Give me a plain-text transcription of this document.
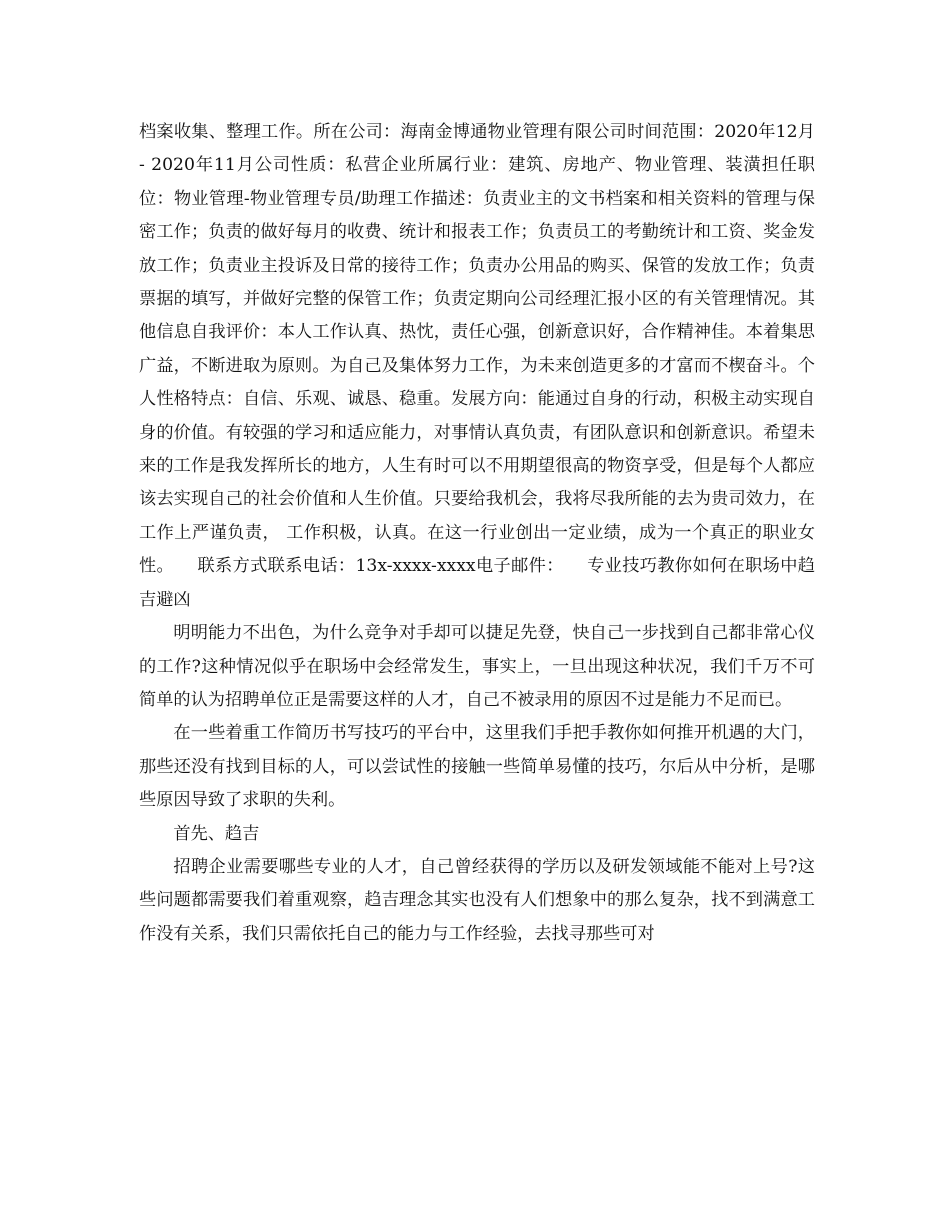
档案收集、整理工作。所在公司：海南金博通物业管理有限公司时间范围：2020年12月 - 2020年11月公司性质：私营企业所属行业：建筑、房地产、物业管理、装潢担任职位：物业管理-物业管理专员/助理工作描述：负责业主的文书档案和相关资料的管理与保密工作；负责的做好每月的收费、统计和报表工作；负责员工的考勤统计和工资、奖金发放工作；负责业主投诉及日常的接待工作；负责办公用品的购买、保管的发放工作；负责票据的填写，并做好完整的保管工作；负责定期向公司经理汇报小区的有关管理情况。其他信息自我评价：本人工作认真、热忱，责任心强，创新意识好，合作精神佳。本着集思广益，不断进取为原则。为自己及集体努力工作，为未来创造更多的才富而不楔奋斗。个人性格特点：自信、乐观、诚恳、稳重。发展方向：能通过自身的行动，积极主动实现自身的价值。有较强的学习和适应能力，对事情认真负责，有团队意识和创新意识。希望未来的工作是我发挥所长的地方，人生有时可以不用期望很高的物资享受，但是每个人都应该去实现自己的社会价值和人生价值。只要给我机会，我将尽我所能的去为贵司效力，在工作上严谨负责， 工作积极，认真。在这一行业创出一定业绩，成为一个真正的职业女性。    联系方式联系电话：13x-xxxx-xxxx电子邮件：    专业技巧教你如何在职场中趋吉避凶

明明能力不出色，为什么竞争对手却可以捷足先登，快自己一步找到自己都非常心仪的工作?这种情况似乎在职场中会经常发生，事实上，一旦出现这种状况，我们千万不可简单的认为招聘单位正是需要这样的人才，自己不被录用的原因不过是能力不足而已。

在一些着重工作简历书写技巧的平台中，这里我们手把手教你如何推开机遇的大门，那些还没有找到目标的人，可以尝试性的接触一些简单易懂的技巧，尔后从中分析，是哪些原因导致了求职的失利。

首先、趋吉

招聘企业需要哪些专业的人才，自己曾经获得的学历以及研发领域能不能对上号?这些问题都需要我们着重观察，趋吉理念其实也没有人们想象中的那么复杂，找不到满意工作没有关系，我们只需依托自己的能力与工作经验，去找寻那些可对
